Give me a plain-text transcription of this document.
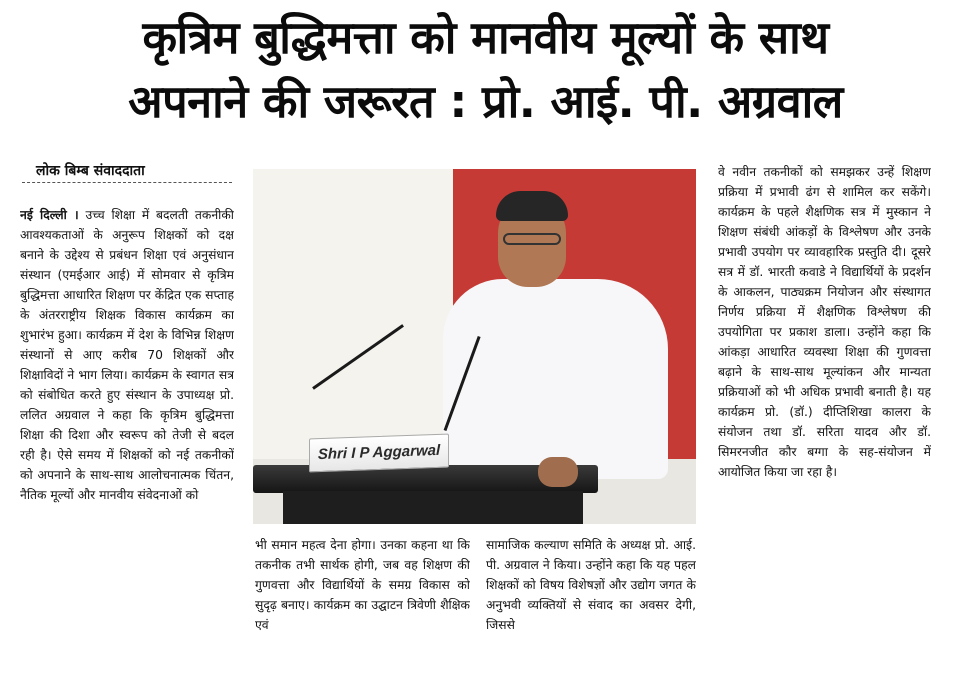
कृत्रिम बुद्धिमत्ता को मानवीय मूल्यों के साथ
अपनाने की जरूरत : प्रो. आई. पी. अग्रवाल
लोक बिम्ब संवाददाता

नई दिल्ली । उच्च शिक्षा में बदलती तकनीकी आवश्यकताओं के अनुरूप शिक्षकों को दक्ष बनाने के उद्देश्य से प्रबंधन शिक्षा एवं अनुसंधान संस्थान (एमईआर आई) में सोमवार से कृत्रिम बुद्धिमत्ता आधारित शिक्षण पर केंद्रित एक सप्ताह के अंतरराष्ट्रीय शिक्षक विकास कार्यक्रम का शुभारंभ हुआ। कार्यक्रम में देश के विभिन्न शिक्षण संस्थानों से आए करीब 70 शिक्षकों और शिक्षाविदों ने भाग लिया। कार्यक्रम के स्वागत सत्र को संबोधित करते हुए संस्थान के उपाध्यक्ष प्रो. ललित अग्रवाल ने कहा कि कृत्रिम बुद्धिमत्ता शिक्षा की दिशा और स्वरूप को तेजी से बदल रही है। ऐसे समय में शिक्षकों को नई तकनीकों को अपनाने के साथ-साथ आलोचनात्मक चिंतन, नैतिक मूल्यों और मानवीय संवेदनाओं को

Shri I P Aggarwal

भी समान महत्व देना होगा। उनका कहना था कि तकनीक तभी सार्थक होगी, जब वह शिक्षण की गुणवत्ता और विद्यार्थियों के समग्र विकास को सुदृढ़ बनाए। कार्यक्रम का उद्घाटन त्रिवेणी शैक्षिक एवं

सामाजिक कल्याण समिति के अध्यक्ष प्रो. आई. पी. अग्रवाल ने किया। उन्होंने कहा कि यह पहल शिक्षकों को विषय विशेषज्ञों और उद्योग जगत के अनुभवी व्यक्तियों से संवाद का अवसर देगी, जिससे

वे नवीन तकनीकों को समझकर उन्हें शिक्षण प्रक्रिया में प्रभावी ढंग से शामिल कर सकेंगे। कार्यक्रम के पहले शैक्षणिक सत्र में मुस्कान ने शिक्षण संबंधी आंकड़ों के विश्लेषण और उनके प्रभावी उपयोग पर व्यावहारिक प्रस्तुति दी। दूसरे सत्र में डॉ. भारती कवाडे ने विद्यार्थियों के प्रदर्शन के आकलन, पाठ्यक्रम नियोजन और संस्थागत निर्णय प्रक्रिया में शैक्षणिक विश्लेषण की उपयोगिता पर प्रकाश डाला। उन्होंने कहा कि आंकड़ा आधारित व्यवस्था शिक्षा की गुणवत्ता बढ़ाने के साथ-साथ मूल्यांकन और मान्यता प्रक्रियाओं को भी अधिक प्रभावी बनाती है। यह कार्यक्रम प्रो. (डॉ.) दीप्तिशिखा कालरा के संयोजन तथा डॉ. सरिता यादव और डॉ. सिमरनजीत कौर बग्गा के सह-संयोजन में आयोजित किया जा रहा है।
